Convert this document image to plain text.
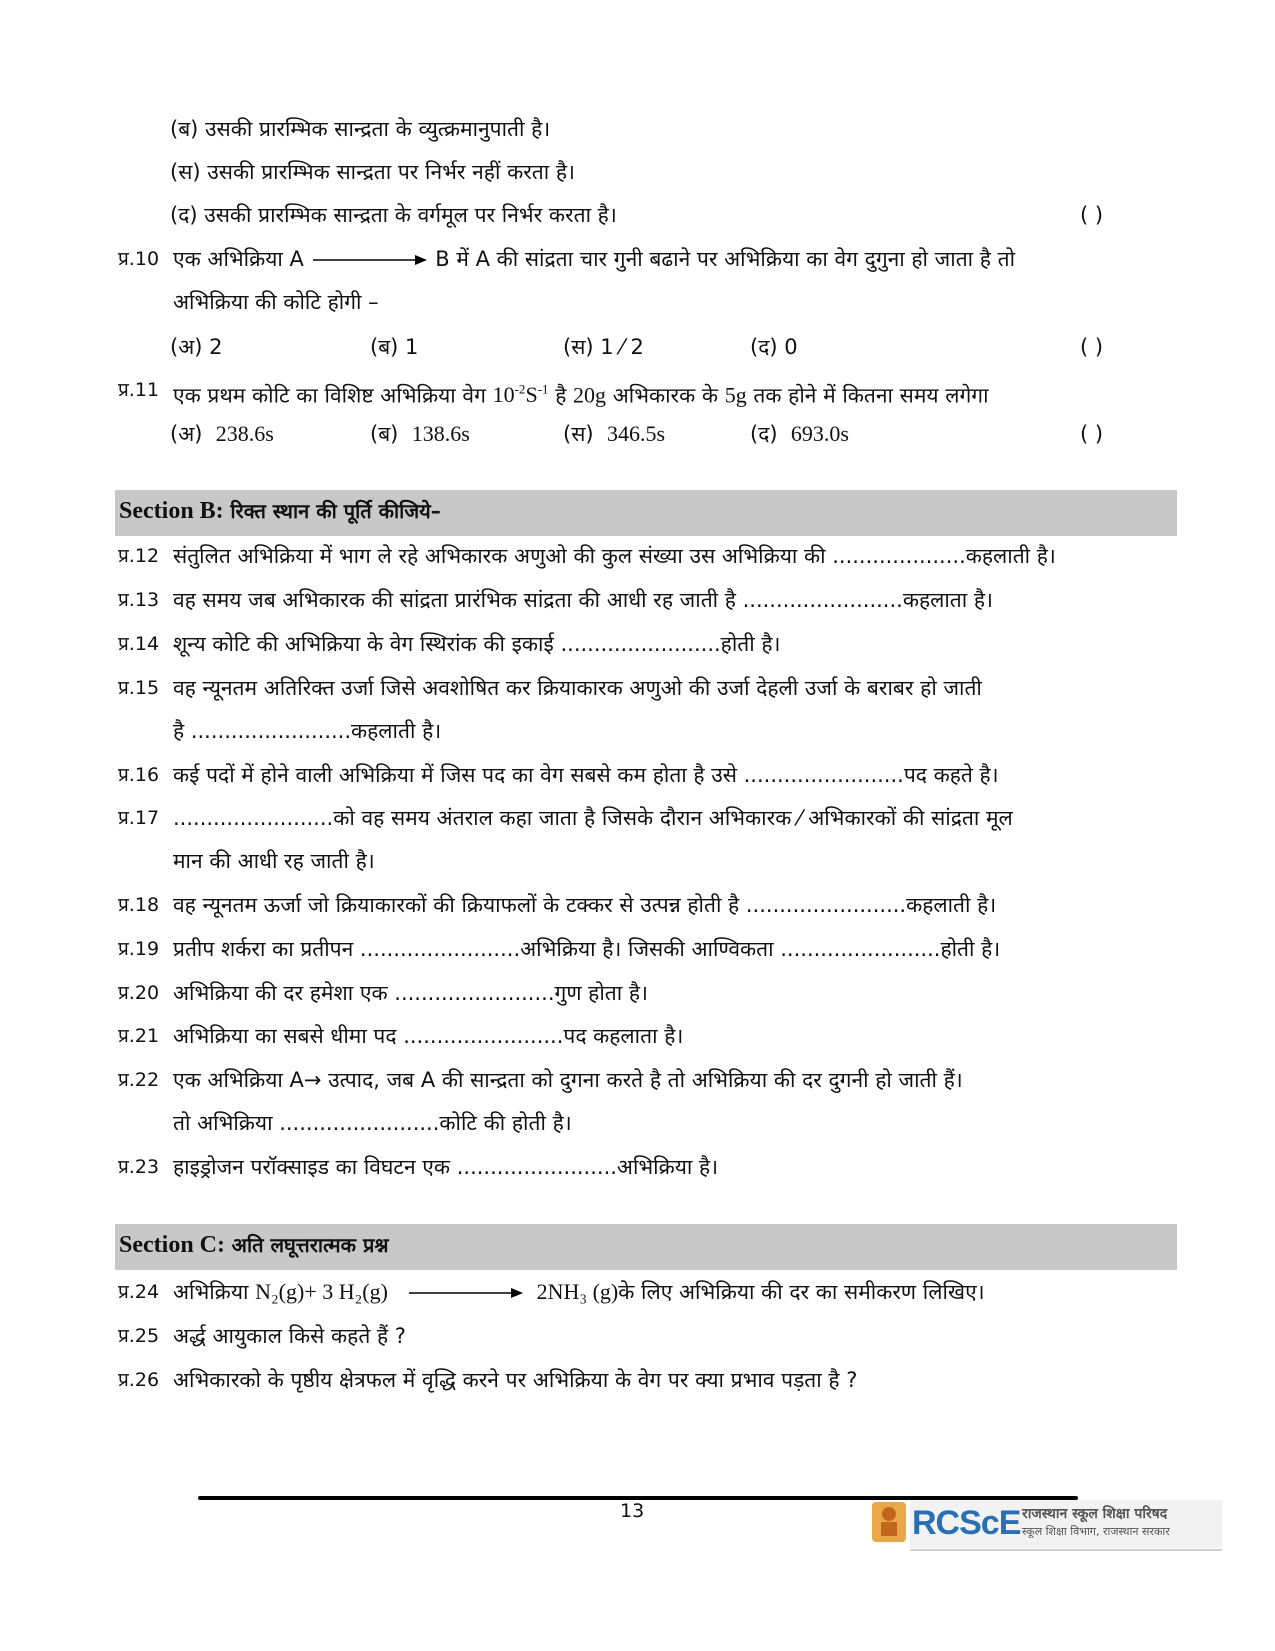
(ब) उसकी प्रारम्भिक सान्द्रता के व्युत्क्रमानुपाती है।
(स) उसकी प्रारम्भिक सान्द्रता पर निर्भर नहीं करता है।
(द) उसकी प्रारम्भिक सान्द्रता के वर्गमूल पर निर्भर करता है।	( )
प्र.10 एक अभिक्रिया A	B में A की सांद्रता चार गुनी बढाने पर अभिक्रिया का वेग दुगुना हो जाता है तो
अभिक्रिया की कोटि होगी –
(अ) 2	(ब) 1	(स) 1 ⁄ 2	(द) 0	( )
प्र.11 एक प्रथम कोटि का विशिष्ट अभिक्रिया वेग $10^{-2}S^{-1}$ है 20g अभिकारक के 5g तक होने में कितना समय लगेगा
(अ) 238.6s	(ब) 138.6s	(स) 346.5s	(द) 693.0s	( )
Section B: रिक्त स्थान की पूर्ति कीजिये–
प्र.12 संतुलित अभिक्रिया में भाग ले रहे अभिकारक अणुओ की कुल संख्या उस अभिक्रिया की ....................कहलाती है।
प्र.13 वह समय जब अभिकारक की सांद्रता प्रारंभिक सांद्रता की आधी रह जाती है ........................कहलाता है।
प्र.14 शून्य कोटि की अभिक्रिया के वेग स्थिरांक की इकाई ........................होती है।
प्र.15 वह न्यूनतम अतिरिक्त उर्जा जिसे अवशोषित कर क्रियाकारक अणुओ की उर्जा देहली उर्जा के बराबर हो जाती
है ........................कहलाती है।
प्र.16 कई पदों में होने वाली अभिक्रिया में जिस पद का वेग सबसे कम होता है उसे ........................पद कहते है।
प्र.17 ........................को वह समय अंतराल कहा जाता है जिसके दौरान अभिकारक ⁄ अभिकारकों की सांद्रता मूल
मान की आधी रह जाती है।
प्र.18 वह न्यूनतम ऊर्जा जो क्रियाकारकों की क्रियाफलों के टक्कर से उत्पन्न होती है ........................कहलाती है।
प्र.19 प्रतीप शर्करा का प्रतीपन ........................अभिक्रिया है। जिसकी आण्विकता ........................होती है।
प्र.20 अभिक्रिया की दर हमेशा एक ........................गुण होता है।
प्र.21 अभिक्रिया का सबसे धीमा पद ........................पद कहलाता है।
प्र.22 एक अभिक्रिया A→ उत्पाद, जब A की सान्द्रता को दुगना करते है तो अभिक्रिया की दर दुगनी हो जाती हैं।
तो अभिक्रिया ........................कोटि की होती है।
प्र.23 हाइड्रोजन परॉक्साइड का विघटन एक ........................अभिक्रिया है।
Section C: अति लघूत्तरात्मक प्रश्न
प्र.24 अभिक्रिया N₂(g)+ 3 H₂(g)	2NH₃ (g)के लिए अभिक्रिया की दर का समीकरण लिखिए।
प्र.25 अर्द्ध आयुकाल किसे कहते हैं ?
प्र.26 अभिकारको के पृष्ठीय क्षेत्रफल में वृद्धि करने पर अभिक्रिया के वेग पर क्या प्रभाव पड़ता है ?
13	RCScE राजस्थान स्कूल शिक्षा परिषद
स्कूल शिक्षा विभाग, राजस्थान सरकार
